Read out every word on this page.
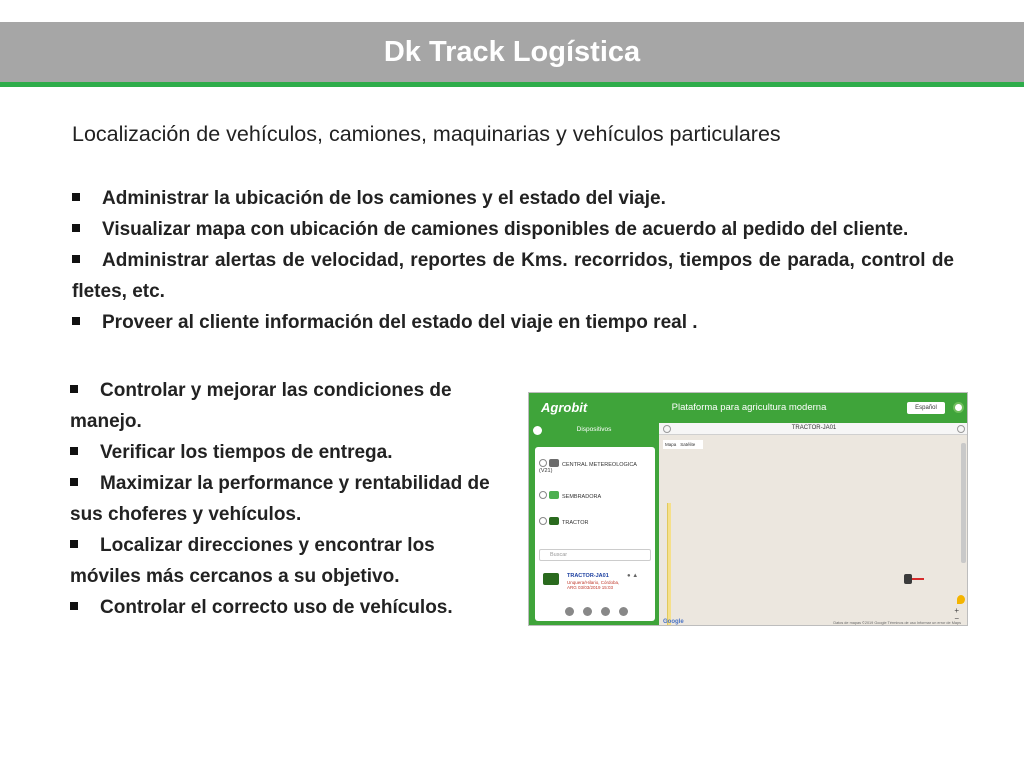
Dk Track Logística
Localización de vehículos, camiones, maquinarias y vehículos particulares

Administrar la ubicación de los camiones y el estado del viaje.

Visualizar mapa con ubicación de camiones disponibles de acuerdo al pedido del cliente.

Administrar alertas de velocidad, reportes de Kms. recorridos, tiempos de parada, control de fletes, etc.

Proveer al cliente información del estado del viaje en tiempo real .

Controlar y mejorar las condiciones de manejo.

Verificar los tiempos de entrega.

Maximizar la performance y rentabilidad de sus choferes y vehículos.

Localizar direcciones y encontrar los móviles más cercanos a su objetivo.

Controlar el correcto uso de vehículos.

Agrobit	Plataforma para agricultura moderna	Español
Dispositivos
CENTRAL METEREOLOGICA (V21)
SEMBRADORA
TRACTOR
Buscar
TRACTOR-JA01
Unquera/Hilario, Córdoba, ARG 03/03/2019 15:03
● ▲
TRACTOR-JA01
Mapa Satélite
+
−
Google	Datos de mapas ©2019 Google Términos de uso Informar un error de Maps
